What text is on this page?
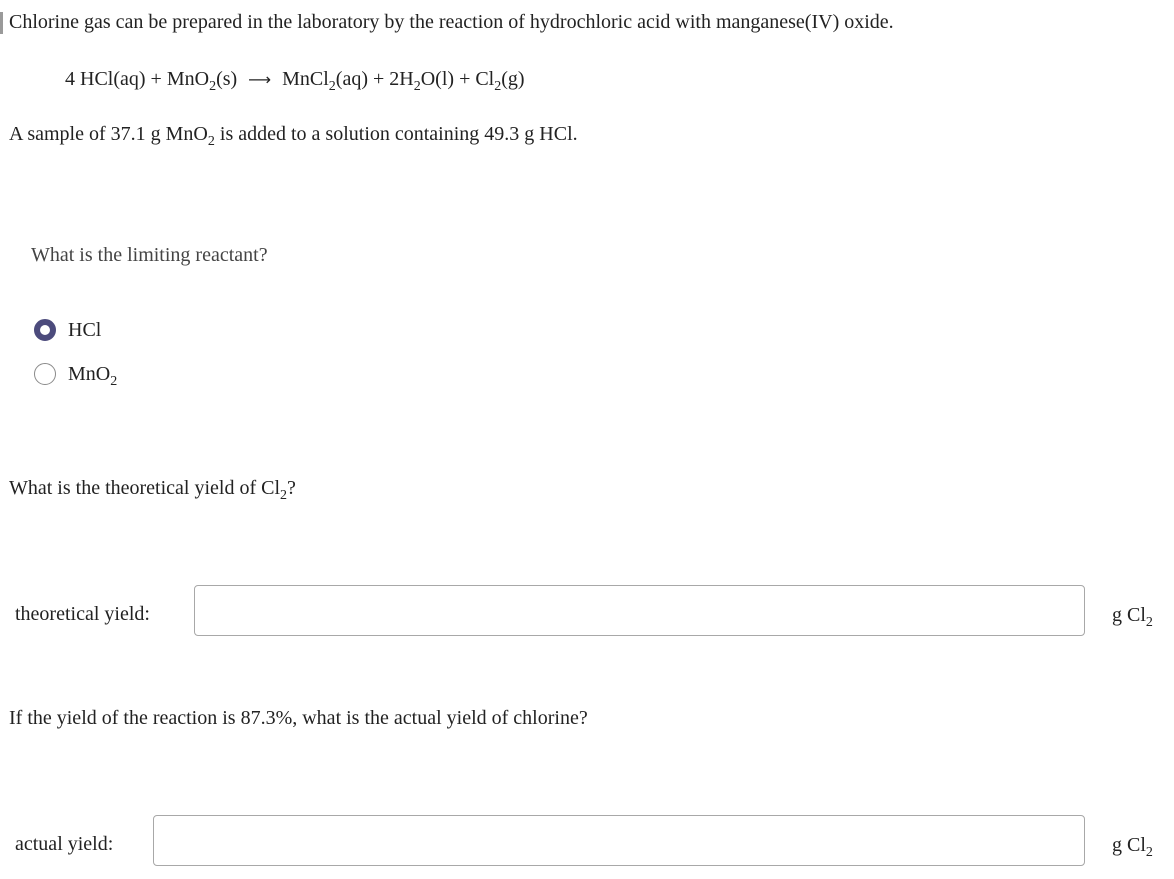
Chlorine gas can be prepared in the laboratory by the reaction of hydrochloric acid with manganese(IV) oxide.
4 HCl(aq) + MnO$_2$(s) ⟶ MnCl$_2$(aq) + $2H_2O(l) + Cl_2(g)$
A sample of 37.1 g MnO$_2$ is added to a solution containing 49.3 g HCl.
What is the limiting reactant?
HCl
MnO$_2$
What is the theoretical yield of $Cl_2$?
theoretical yield:	g $Cl_2$
If the yield of the reaction is 87.3%, what is the actual yield of chlorine?
actual yield:	g $Cl_2$
